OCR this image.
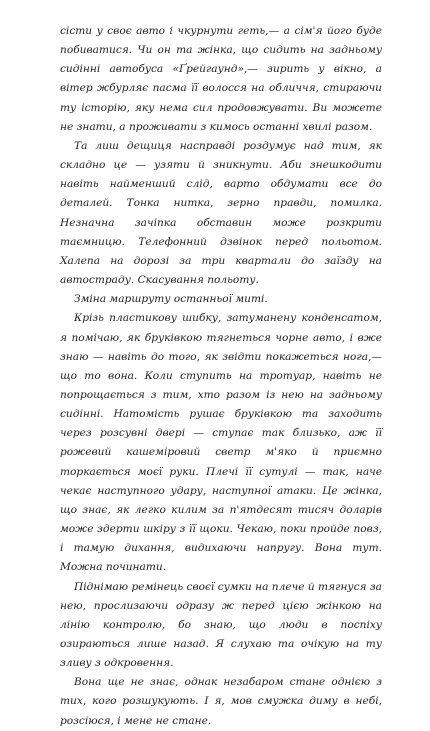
сісти у своє авто і чкурнути геть,— а сім'я його буде побиватися. Чи он та жінка, що сидить на задньому сидінні автобуса «Ґрейгаунд»,— зирить у вікно, а вітер жбурляє пасма її волосся на обличчя, стираючи ту історію, яку нема сил продовжувати. Ви можете не знати, а проживати з кимось останні хвилі разом.

Та лиш дещиця насправді роздумує над тим, як складно це — узяти й зникнути. Аби знешкодити навіть найменший слід, варто обдумати все до деталей. Тонка нитка, зерно правди, помилка. Незначна зачіпка обставин може розкрити таємницю. Телефонний дзвінок перед польотом. Халепа на дорозі за три квартали до заїзду на автостраду. Скасування польоту.

Зміна маршруту останньої миті.

Крізь пластикову шибку, затуманену конденсатом, я помічаю, як бруківкою тягнеться чорне авто, і вже знаю — навіть до того, як звідти покажеться нога,— що то вона. Коли ступить на тротуар, навіть не попрощається з тим, хто разом із нею на задньому сидінні. Натомість рушає бруківкою та заходить через розсувні двері — ступає так близько, аж її рожевий кашеміровий светр м'яко й приємно торкається моєї руки. Плечі її сутулі — так, наче чекає наступного удару, наступної атаки. Це жінка, що знає, як легко килим за п'ятдесят тисяч доларів може здерти шкіру з її щоки. Чекаю, поки пройде повз, і тамую дихання, видихаючи напругу. Вона тут. Можна починати.

Піднімаю ремінець своєї сумки на плече й тягнуся за нею, прослизаючи одразу ж перед цією жінкою на лінію контролю, бо знаю, що люди в поспіху озираються лише назад. Я слухаю та очікую на ту зливу з одкровення.

Вона ще не знає, однак незабаром стане однією з тих, кого розшукують. І я, мов смужка диму в небі, розсіюся, і мене не стане.
